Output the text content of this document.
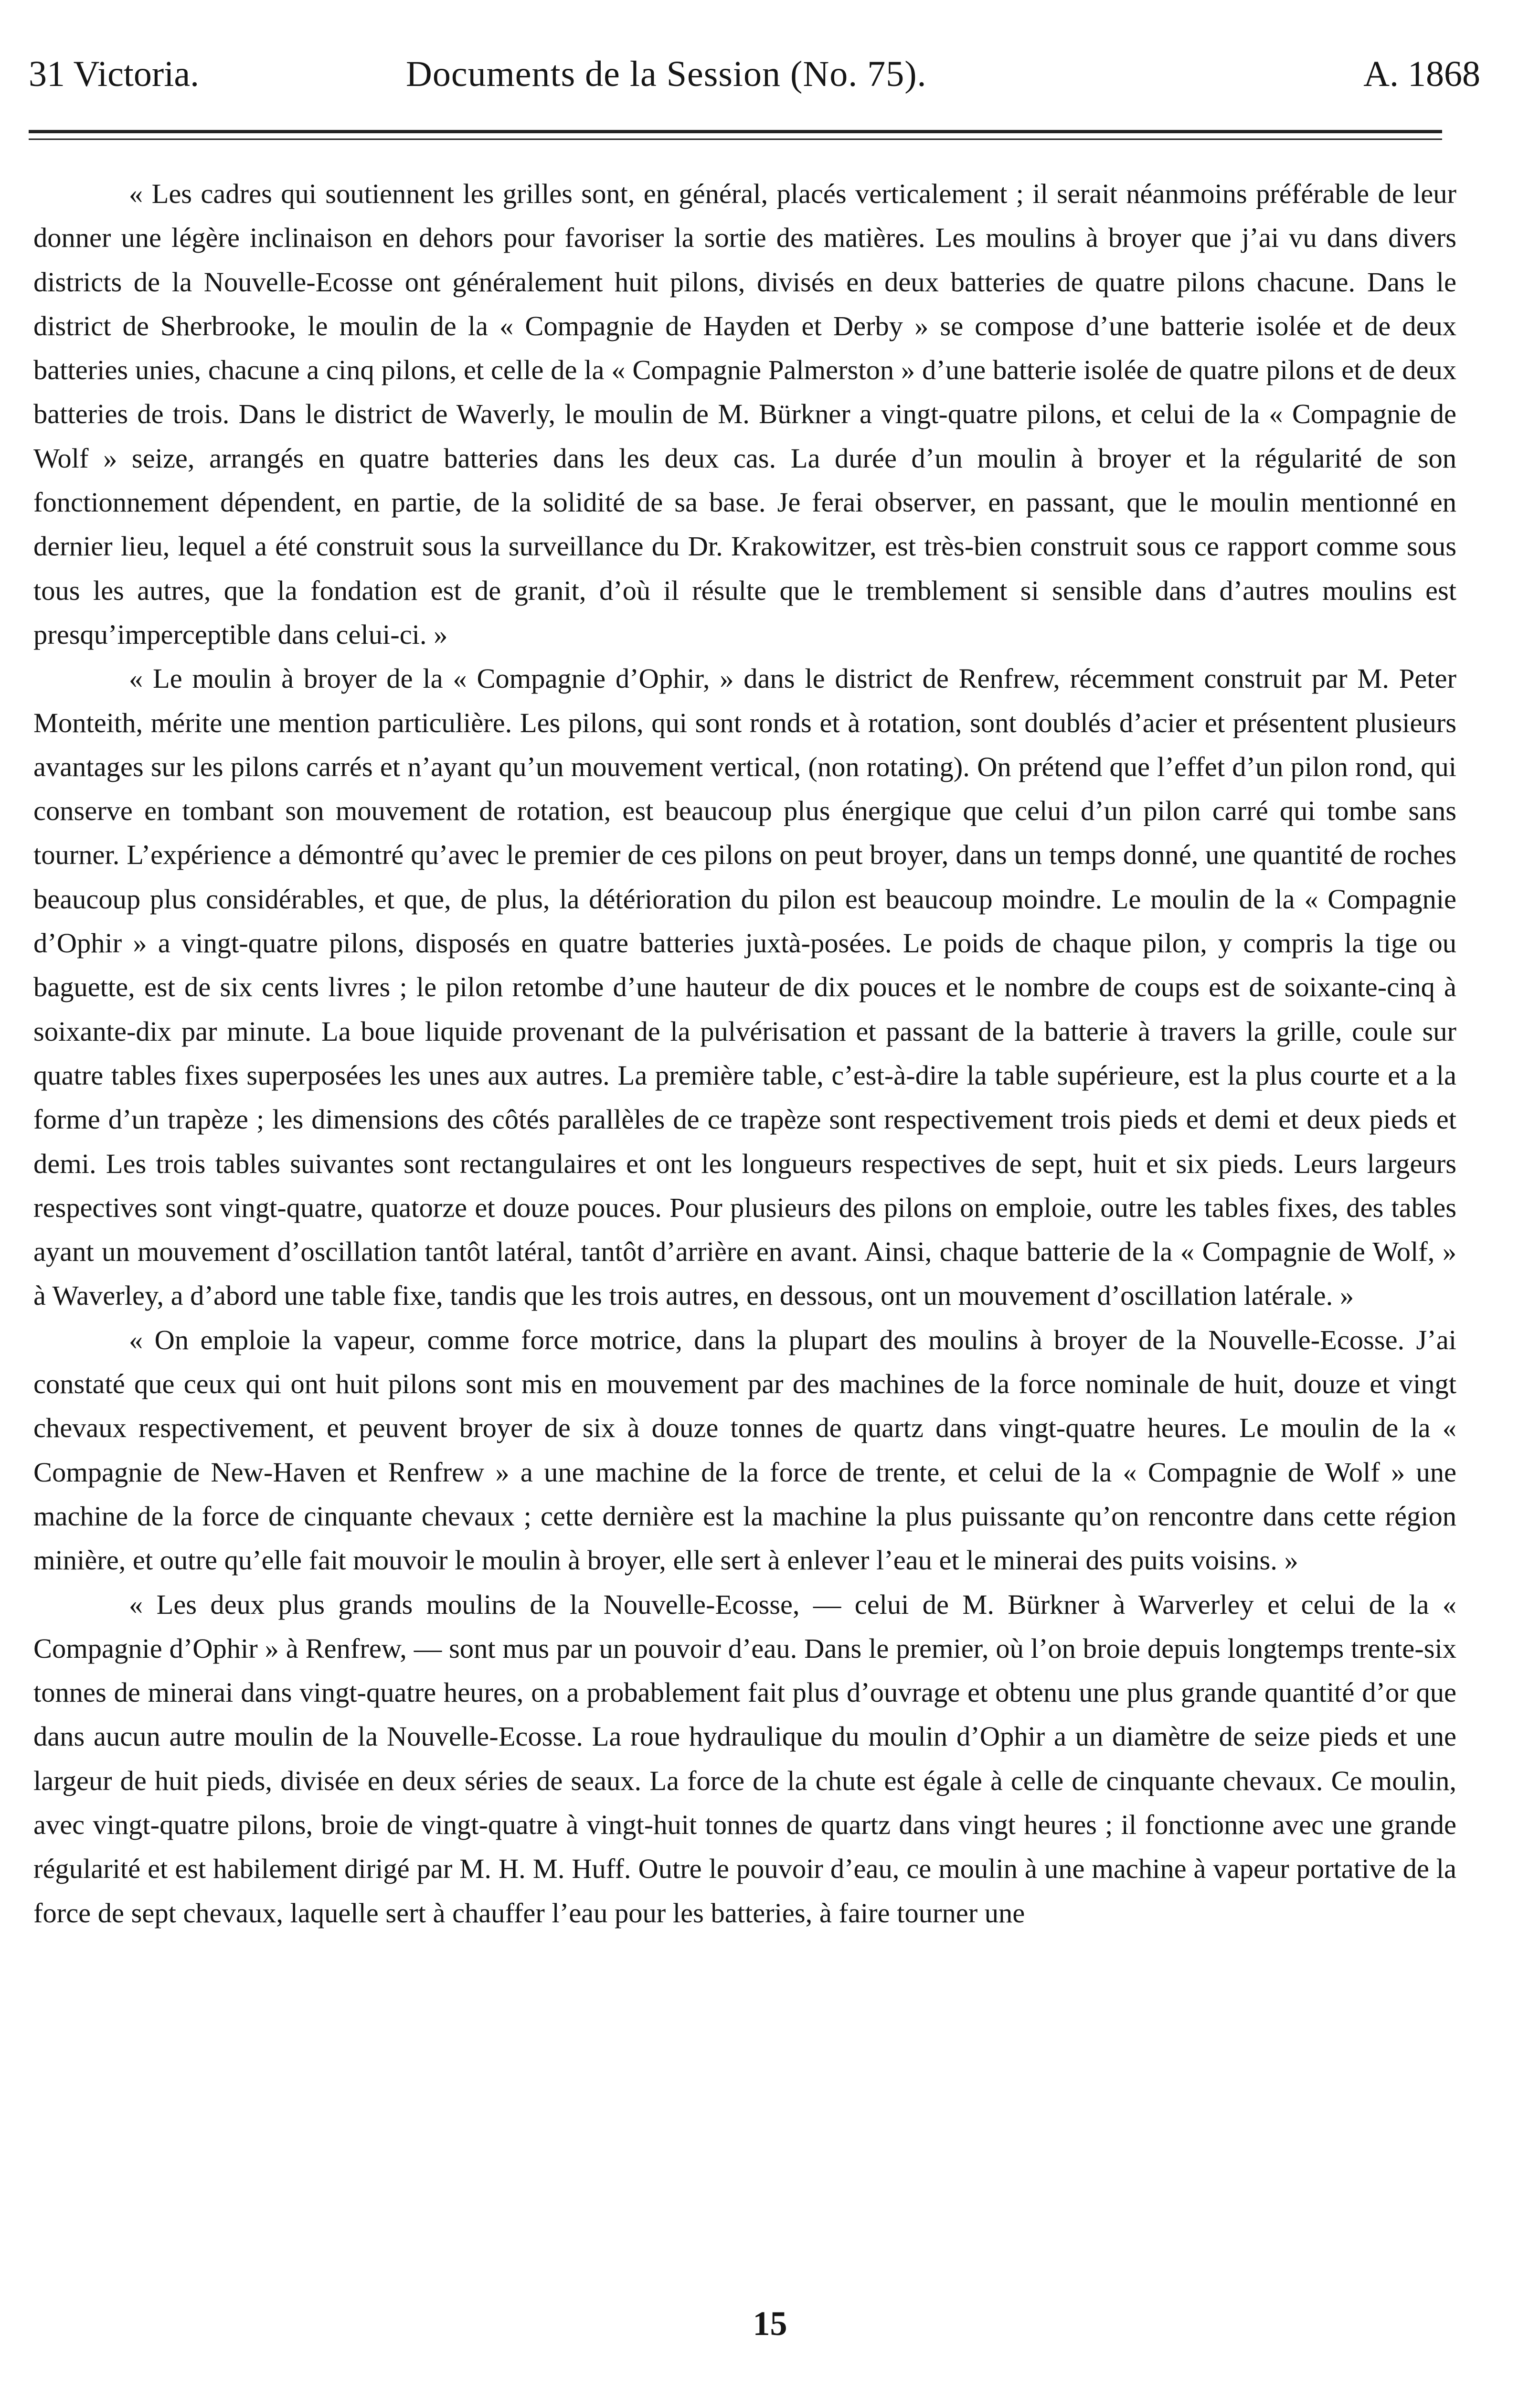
31 Victoria.	Documents de la Session (No. 75).	A. 1868

« Les cadres qui soutiennent les grilles sont, en général, placés verticalement ; il serait néanmoins préférable de leur donner une légère inclinaison en dehors pour favoriser la sortie des matières. Les moulins à broyer que j’ai vu dans divers districts de la Nouvelle-Ecosse ont généralement huit pilons, divisés en deux batteries de quatre pilons chacune. Dans le district de Sherbrooke, le moulin de la « Compagnie de Hayden et Derby » se compose d’une batterie isolée et de deux batteries unies, chacune a cinq pilons, et celle de la « Compagnie Palmerston » d’une batterie isolée de quatre pilons et de deux batteries de trois. Dans le district de Waverly, le moulin de M. Bürkner a vingt-quatre pilons, et celui de la « Compagnie de Wolf » seize, arrangés en quatre batteries dans les deux cas. La durée d’un moulin à broyer et la régularité de son fonctionnement dépendent, en partie, de la solidité de sa base. Je ferai observer, en passant, que le moulin mentionné en dernier lieu, lequel a été construit sous la surveillance du Dr. Krakowitzer, est très-bien construit sous ce rapport comme sous tous les autres, que la fondation est de granit, d’où il résulte que le tremblement si sensible dans d’autres moulins est presqu’imperceptible dans celui-ci. »

« Le moulin à broyer de la « Compagnie d’Ophir, » dans le district de Renfrew, récemment construit par M. Peter Monteith, mérite une mention particulière. Les pilons, qui sont ronds et à rotation, sont doublés d’acier et présentent plusieurs avantages sur les pilons carrés et n’ayant qu’un mouvement vertical, (non rotating). On prétend que l’effet d’un pilon rond, qui conserve en tombant son mouvement de rotation, est beaucoup plus énergique que celui d’un pilon carré qui tombe sans tourner. L’expérience a démontré qu’avec le premier de ces pilons on peut broyer, dans un temps donné, une quantité de roches beaucoup plus considérables, et que, de plus, la détérioration du pilon est beaucoup moindre. Le moulin de la « Compagnie d’Ophir » a vingt-quatre pilons, disposés en quatre batteries juxtà-posées. Le poids de chaque pilon, y compris la tige ou baguette, est de six cents livres ; le pilon retombe d’une hauteur de dix pouces et le nombre de coups est de soixante-cinq à soixante-dix par minute. La boue liquide provenant de la pulvérisation et passant de la batterie à travers la grille, coule sur quatre tables fixes superposées les unes aux autres. La première table, c’est-à-dire la table supérieure, est la plus courte et a la forme d’un trapèze ; les dimensions des côtés parallèles de ce trapèze sont respectivement trois pieds et demi et deux pieds et demi. Les trois tables suivantes sont rectangulaires et ont les longueurs respectives de sept, huit et six pieds. Leurs largeurs respectives sont vingt-quatre, quatorze et douze pouces. Pour plusieurs des pilons on emploie, outre les tables fixes, des tables ayant un mouvement d’oscillation tantôt latéral, tantôt d’arrière en avant. Ainsi, chaque batterie de la « Compagnie de Wolf, » à Waverley, a d’abord une table fixe, tandis que les trois autres, en dessous, ont un mouvement d’oscillation latérale. »

« On emploie la vapeur, comme force motrice, dans la plupart des moulins à broyer de la Nouvelle-Ecosse. J’ai constaté que ceux qui ont huit pilons sont mis en mouvement par des machines de la force nominale de huit, douze et vingt chevaux respectivement, et peuvent broyer de six à douze tonnes de quartz dans vingt-quatre heures. Le moulin de la « Compagnie de New-Haven et Renfrew » a une machine de la force de trente, et celui de la « Compagnie de Wolf » une machine de la force de cinquante chevaux ; cette dernière est la machine la plus puissante qu’on rencontre dans cette région minière, et outre qu’elle fait mouvoir le moulin à broyer, elle sert à enlever l’eau et le minerai des puits voisins. »

« Les deux plus grands moulins de la Nouvelle-Ecosse, — celui de M. Bürkner à Warverley et celui de la « Compagnie d’Ophir » à Renfrew, — sont mus par un pouvoir d’eau. Dans le premier, où l’on broie depuis longtemps trente-six tonnes de minerai dans vingt-quatre heures, on a probablement fait plus d’ouvrage et obtenu une plus grande quantité d’or que dans aucun autre moulin de la Nouvelle-Ecosse. La roue hydraulique du moulin d’Ophir a un diamètre de seize pieds et une largeur de huit pieds, divisée en deux séries de seaux. La force de la chute est égale à celle de cinquante chevaux. Ce moulin, avec vingt-quatre pilons, broie de vingt-quatre à vingt-huit tonnes de quartz dans vingt heures ; il fonctionne avec une grande régularité et est habilement dirigé par M. H. M. Huff. Outre le pouvoir d’eau, ce moulin à une machine à vapeur portative de la force de sept chevaux, laquelle sert à chauffer l’eau pour les batteries, à faire tourner une

15
